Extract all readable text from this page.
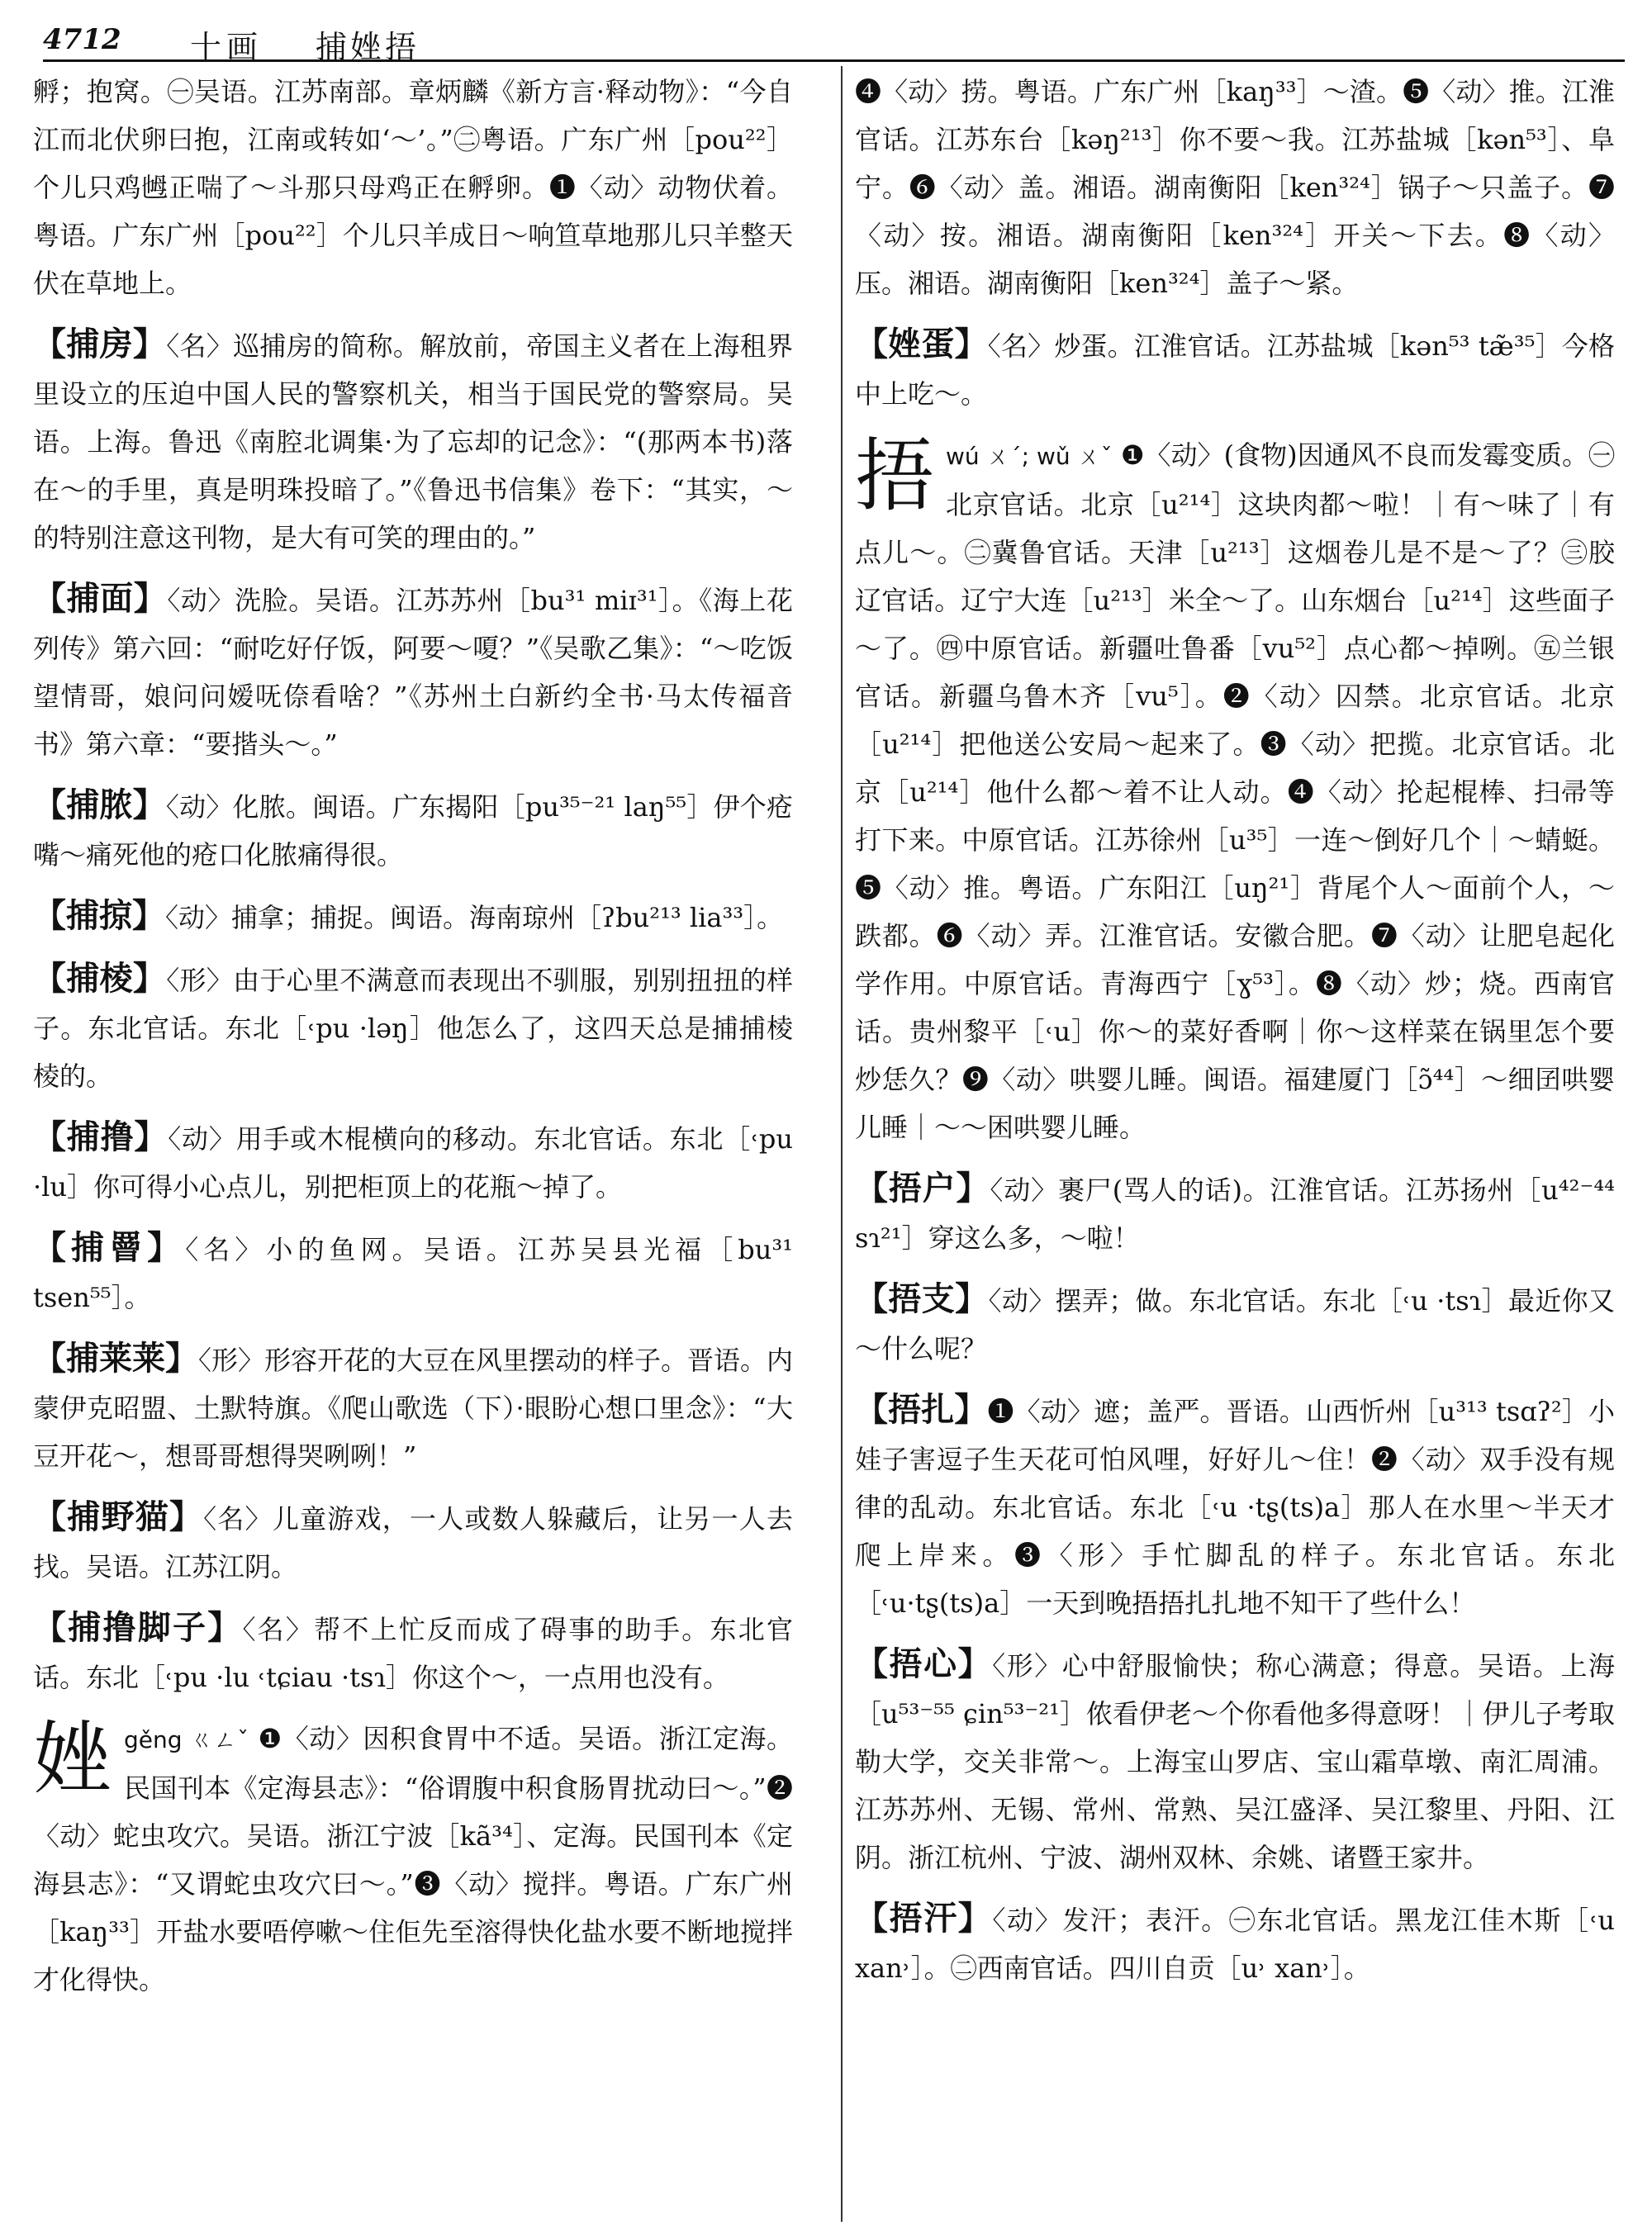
4712 十画 捕㛗捂

孵；抱窝。㊀吴语。江苏南部。章炳麟《新方言·释动物》：“今自江而北伏卵曰抱，江南或转如‘～’。”㊁粤语。广东广州［pou²²］个儿只鸡乸正喘了～斗那只母鸡正在孵卵。❶〈动〉动物伏着。粤语。广东广州［pou²²］个儿只羊成日～响笪草地那儿只羊整天伏在草地上。

【捕房】〈名〉巡捕房的简称。解放前，帝国主义者在上海租界里设立的压迫中国人民的警察机关，相当于国民党的警察局。吴语。上海。鲁迅《南腔北调集·为了忘却的记念》：“(那两本书)落在～的手里，真是明珠投暗了。”《鲁迅书信集》卷下：“其实，～的特别注意这刊物，是大有可笑的理由的。”

【捕面】〈动〉洗脸。吴语。江苏苏州［bu³¹ miɪ³¹］。《海上花列传》第六回：“耐吃好仔饭，阿要～嗄？”《吴歌乙集》：“～吃饭望情哥，娘问问嫒呒倷看啥？”《苏州土白新约全书·马太传福音书》第六章：“要揩头～。”

【捕脓】〈动〉化脓。闽语。广东揭阳［pu³⁵⁻²¹ laŋ⁵⁵］伊个疮嘴～痛死他的疮口化脓痛得很。

【捕掠】〈动〉捕拿；捕捉。闽语。海南琼州［ʔbu²¹³ lia³³］。

【捕棱】〈形〉由于心里不满意而表现出不驯服，别别扭扭的样子。东北官话。东北［˓pu ·ləŋ］他怎么了，这四天总是捕捕棱棱的。

【捕撸】〈动〉用手或木棍横向的移动。东北官话。东北［˓pu ·lu］你可得小心点儿，别把柜顶上的花瓶～掉了。

【捕罾】〈名〉小的鱼网。吴语。江苏吴县光福［bu³¹ tsen⁵⁵］。

【捕莱莱】〈形〉形容开花的大豆在风里摆动的样子。晋语。内蒙伊克昭盟、土默特旗。《爬山歌选（下）·眼盼心想口里念》：“大豆开花～，想哥哥想得哭咧咧！”

【捕野猫】〈名〉儿童游戏，一人或数人躲藏后，让另一人去找。吴语。江苏江阴。

【捕撸脚子】〈名〉帮不上忙反而成了碍事的助手。东北官话。东北［˓pu ·lu ˓tɕiau ·tsɿ］你这个～，一点用也没有。

㛗gěng ㄍㄥˇ ❶〈动〉因积食胃中不适。吴语。浙江定海。民国刊本《定海县志》：“俗谓腹中积食肠胃扰动曰～。”❷〈动〉蛇虫攻穴。吴语。浙江宁波［kã³⁴］、定海。民国刊本《定海县志》：“又谓蛇虫攻穴曰～。”❸〈动〉搅拌。粤语。广东广州［kaŋ³³］开盐水要唔停嗽～住佢先至溶得快化盐水要不断地搅拌才化得快。

❹〈动〉捞。粤语。广东广州［kaŋ³³］～渣。❺〈动〉推。江淮官话。江苏东台［kəŋ²¹³］你不要～我。江苏盐城［kən⁵³］、阜宁。❻〈动〉盖。湘语。湖南衡阳［ken³²⁴］锅子～只盖子。❼〈动〉按。湘语。湖南衡阳［ken³²⁴］开关～下去。❽〈动〉压。湘语。湖南衡阳［ken³²⁴］盖子～紧。

【㛗蛋】〈名〉炒蛋。江淮官话。江苏盐城［kən⁵³ tæ̃³⁵］今格中上吃～。

捂wú ㄨˊ; wǔ ㄨˇ ❶〈动〉(食物)因通风不良而发霉变质。㊀北京官话。北京［u²¹⁴］这块肉都～啦！｜有～味了｜有点儿～。㊁冀鲁官话。天津［u²¹³］这烟卷儿是不是～了？㊂胶辽官话。辽宁大连［u²¹³］米全～了。山东烟台［u²¹⁴］这些面子～了。㊃中原官话。新疆吐鲁番［vu⁵²］点心都～掉咧。㊄兰银官话。新疆乌鲁木齐［vu⁵］。❷〈动〉囚禁。北京官话。北京［u²¹⁴］把他送公安局～起来了。❸〈动〉把揽。北京官话。北京［u²¹⁴］他什么都～着不让人动。❹〈动〉抡起棍棒、扫帚等打下来。中原官话。江苏徐州［u³⁵］一连～倒好几个｜～蜻蜓。❺〈动〉推。粤语。广东阳江［uŋ²¹］背尾个人～面前个人，～跌都。❻〈动〉弄。江淮官话。安徽合肥。❼〈动〉让肥皂起化学作用。中原官话。青海西宁［ɣ⁵³］。❽〈动〉炒；烧。西南官话。贵州黎平［˓u］你～的菜好香啊｜你～这样菜在锅里怎个要炒恁久？❾〈动〉哄婴儿睡。闽语。福建厦门［ɔ̃⁴⁴］～细囝哄婴儿睡｜～～困哄婴儿睡。

【捂户】〈动〉裹尸(骂人的话)。江淮官话。江苏扬州［u⁴²⁻⁴⁴ sɿ²¹］穿这么多，～啦！

【捂支】〈动〉摆弄；做。东北官话。东北［˓u ·tsɿ］最近你又～什么呢？

【捂扎】❶〈动〉遮；盖严。晋语。山西忻州［u³¹³ tsɑʔ²］小娃子害逗子生天花可怕风哩，好好儿～住！❷〈动〉双手没有规律的乱动。东北官话。东北［˓u ·tʂ(ts)a］那人在水里～半天才爬上岸来。❸〈形〉手忙脚乱的样子。东北官话。东北［˓u·tʂ(ts)a］一天到晚捂捂扎扎地不知干了些什么！

【捂心】〈形〉心中舒服愉快；称心满意；得意。吴语。上海［u⁵³⁻⁵⁵ ɕin⁵³⁻²¹］侬看伊老～个你看他多得意呀！｜伊儿子考取勒大学，交关非常～。上海宝山罗店、宝山霜草墩、南汇周浦。江苏苏州、无锡、常州、常熟、吴江盛泽、吴江黎里、丹阳、江阴。浙江杭州、宁波、湖州双林、余姚、诸暨王家井。

【捂汗】〈动〉发汗；表汗。㊀东北官话。黑龙江佳木斯［˓u xan˒］。㊁西南官话。四川自贡［u˒ xan˒］。
